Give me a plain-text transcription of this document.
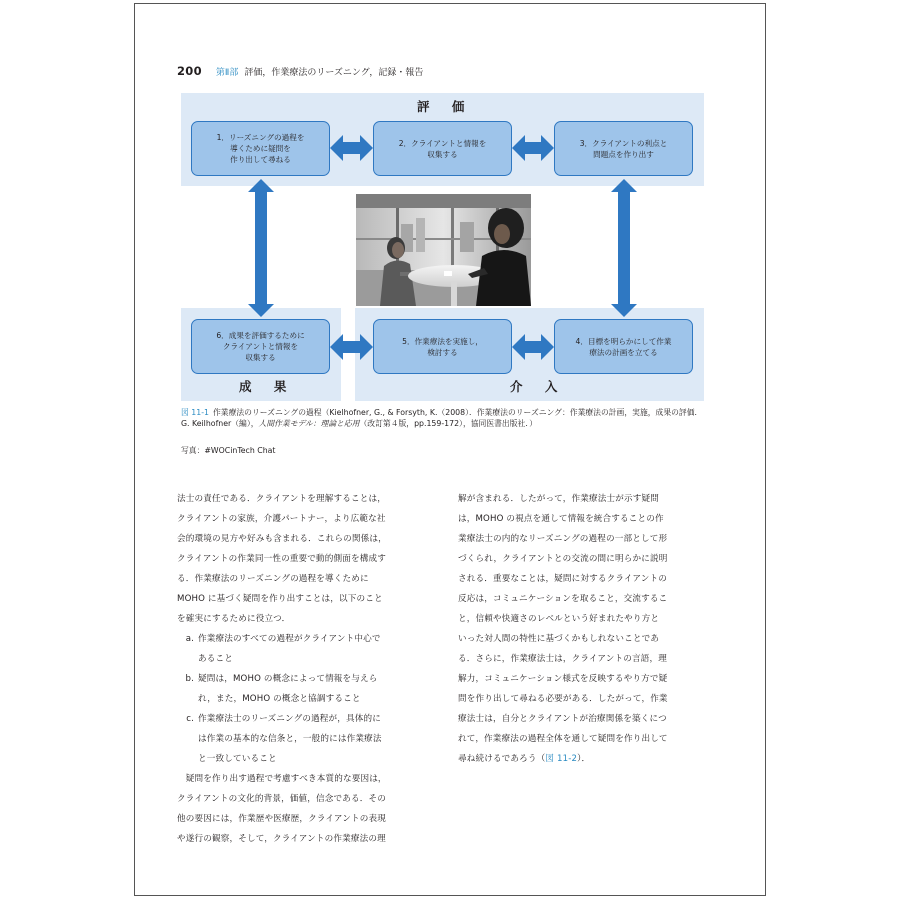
200 第Ⅱ部 評価，作業療法のリーズニング，記録・報告
評 価
成 果	介 入
1．リーズニングの過程を
導くために疑問を
作り出して尋ねる
2．クライアントと情報を
収集する
3．クライアントの利点と
問題点を作り出す
4．目標を明らかにして作業
療法の計画を立てる
5．作業療法を実施し，
検討する
6．成果を評価するために
クライアントと情報を
収集する
図 11-1 作業療法のリーズニングの過程（Kielhofner, G., & Forsyth, K.（2008）．作業療法のリーズニング：作業療法の計画，実施，成果の評価．G. Keilhofner（編），人間作業モデル：理論と応用（改訂第４版，pp.159-172），協同医書出版社．）
写真：#WOCinTech Chat

法士の責任である．クライアントを理解することは，
クライアントの家族，介護パートナー，より広範な社
会的環境の見方や好みも含まれる．これらの関係は，
クライアントの作業同一性の重要で動的側面を構成す
る．作業療法のリーズニングの過程を導くために
MOHO に基づく疑問を作り出すことは，以下のこと
を確実にするために役立つ．

a. 作業療法のすべての過程がクライアント中心で
あること
b. 疑問は，MOHO の概念によって情報を与えら
れ，また，MOHO の概念と協調すること
c. 作業療法士のリーズニングの過程が，具体的に
は作業の基本的な信条と，一般的には作業療法
と一致していること

　疑問を作り出す過程で考慮すべき本質的な要因は，
クライアントの文化的背景，価値，信念である．その
他の要因には，作業歴や医療歴，クライアントの表現
や遂行の観察，そして，クライアントの作業療法の理

解が含まれる．したがって，作業療法士が示す疑問
は，MOHO の視点を通して情報を統合することの作
業療法士の内的なリーズニングの過程の一部として形
づくられ，クライアントとの交流の間に明らかに説明
される．重要なことは，疑問に対するクライアントの
反応は，コミュニケーションを取ること，交流するこ
と，信頼や快適さのレベルという好まれたやり方と
いった対人間の特性に基づくかもしれないことであ
る．さらに，作業療法士は，クライアントの言語，理
解力，コミュニケーション様式を反映するやり方で疑
問を作り出して尋ねる必要がある．したがって，作業
療法士は，自分とクライアントが治療関係を築くにつ
れて，作業療法の過程全体を通して疑問を作り出して
尋ね続けるであろう（図 11-2）．
